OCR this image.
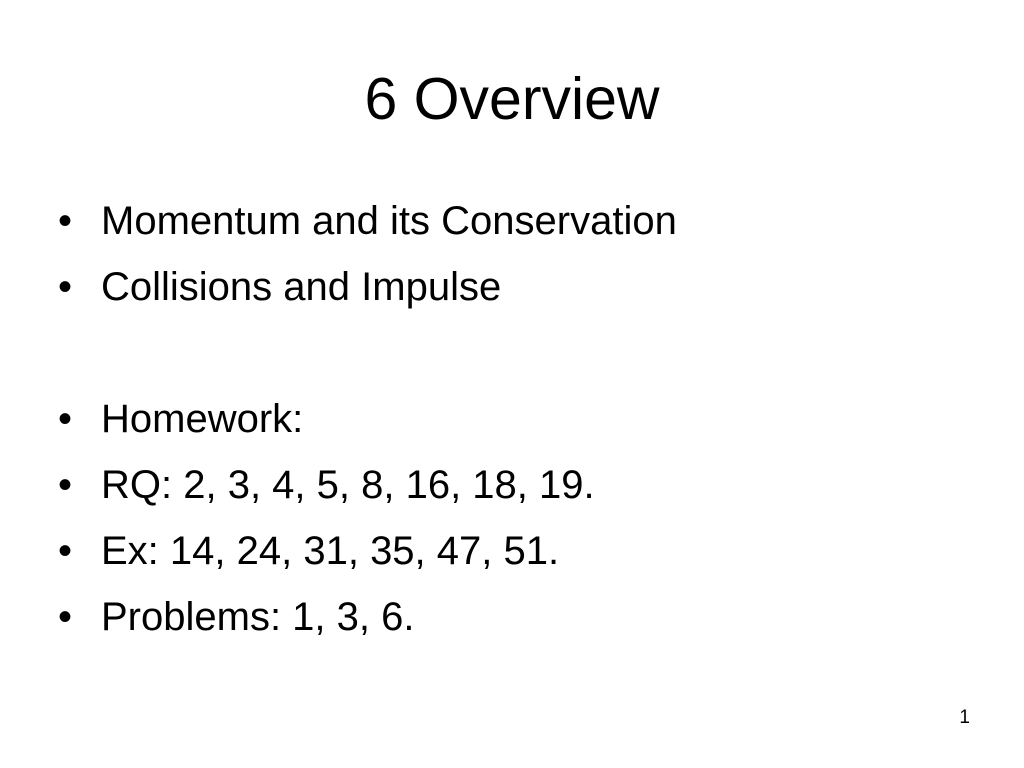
6 Overview
• Momentum and its Conservation
• Collisions and Impulse
• Homework:
• RQ: 2, 3, 4, 5, 8, 16, 18, 19.
• Ex: 14, 24, 31, 35, 47, 51.
• Problems: 1, 3, 6.
1
